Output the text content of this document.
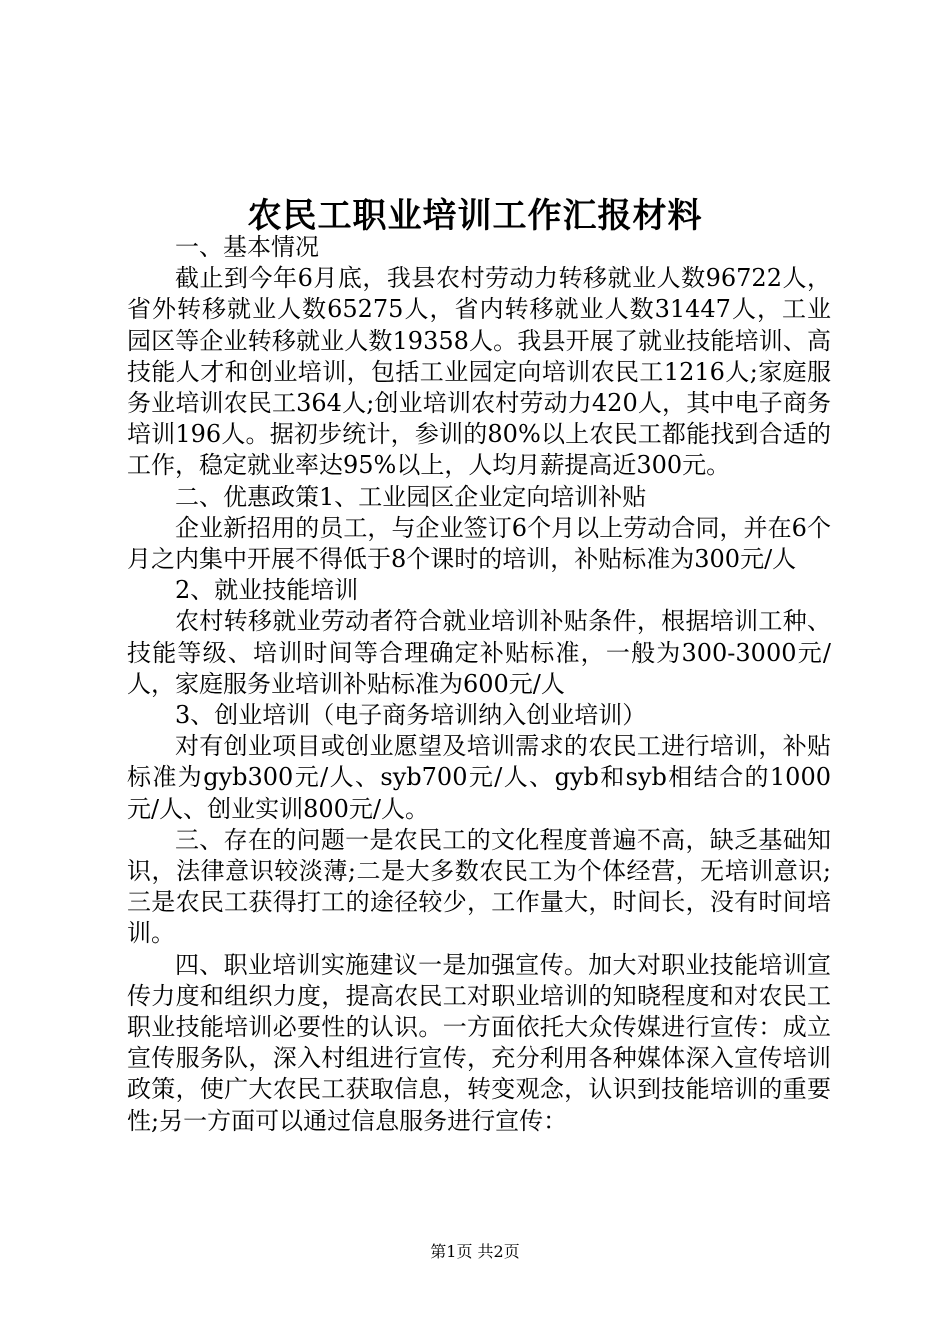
农民工职业培训工作汇报材料

一、基本情况

截止到今年6月底，我县农村劳动力转移就业人数96722人，省外转移就业人数65275人，省内转移就业人数31447人，工业园区等企业转移就业人数19358人。我县开展了就业技能培训、高技能人才和创业培训，包括工业园定向培训农民工1216人;家庭服务业培训农民工364人;创业培训农村劳动力420人，其中电子商务培训196人。据初步统计，参训的80%以上农民工都能找到合适的工作，稳定就业率达95%以上，人均月薪提高近300元。

二、优惠政策1、工业园区企业定向培训补贴

企业新招用的员工，与企业签订6个月以上劳动合同，并在6个月之内集中开展不得低于8个课时的培训，补贴标准为300元/人

2、就业技能培训

农村转移就业劳动者符合就业培训补贴条件，根据培训工种、技能等级、培训时间等合理确定补贴标准，一般为300-3000元/人，家庭服务业培训补贴标准为600元/人

3、创业培训（电子商务培训纳入创业培训）

对有创业项目或创业愿望及培训需求的农民工进行培训，补贴标准为gyb300元/人、syb700元/人、gyb和syb相结合的1000元/人、创业实训800元/人。

三、存在的问题一是农民工的文化程度普遍不高，缺乏基础知识，法律意识较淡薄;二是大多数农民工为个体经营，无培训意识;三是农民工获得打工的途径较少，工作量大，时间长，没有时间培训。

四、职业培训实施建议一是加强宣传。加大对职业技能培训宣传力度和组织力度，提高农民工对职业培训的知晓程度和对农民工职业技能培训必要性的认识。一方面依托大众传媒进行宣传：成立宣传服务队，深入村组进行宣传，充分利用各种媒体深入宣传培训政策，使广大农民工获取信息，转变观念，认识到技能培训的重要性;另一方面可以通过信息服务进行宣传：

第1页 共2页
